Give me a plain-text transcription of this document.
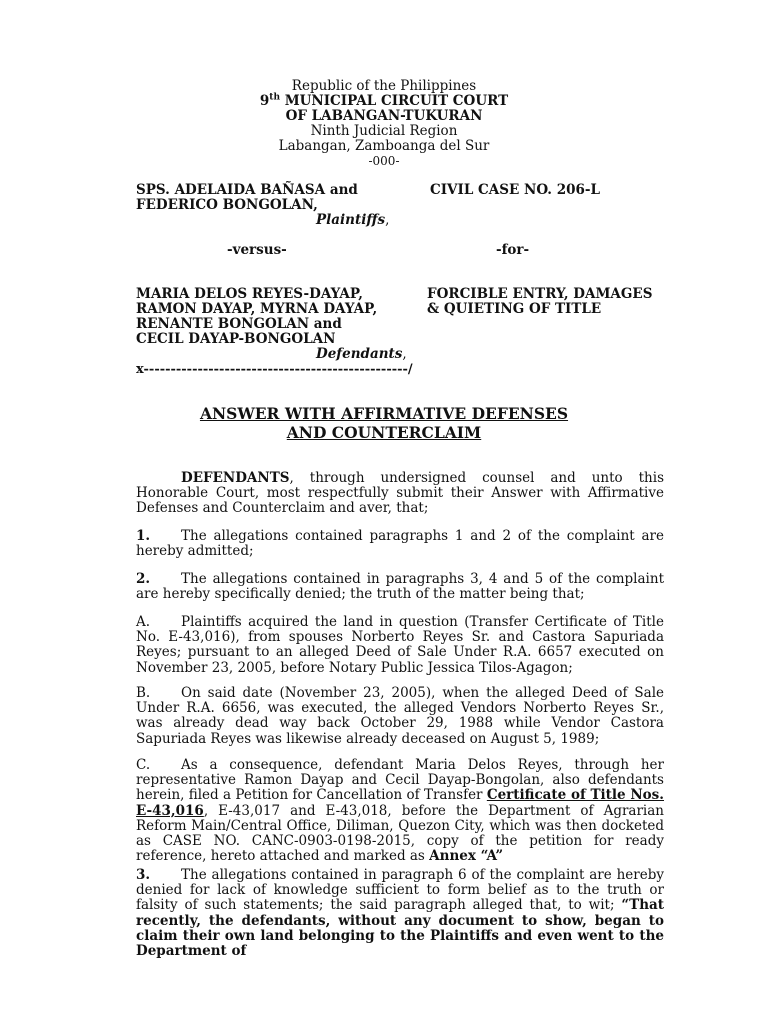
Republic of the Philippines
9th MUNICIPAL CIRCUIT COURT
OF LABANGAN-TUKURAN
Ninth Judicial Region
Labangan, Zamboanga del Sur
-000-
SPS. ADELAIDA BAÑASA and
FEDERICO BONGOLAN,
Plaintiffs,
CIVIL CASE NO. 206-L
-versus-	-for-
MARIA DELOS REYES-DAYAP,
RAMON DAYAP, MYRNA DAYAP,
RENANTE BONGOLAN and
CECIL DAYAP-BONGOLAN
Defendants,
FORCIBLE ENTRY, DAMAGES
& QUIETING OF TITLE
x-------------------------------------------------/
ANSWER WITH AFFIRMATIVE DEFENSES
AND COUNTERCLAIM
DEFENDANTS, through undersigned counsel and unto this Honorable Court, most respectfully submit their Answer with Affirmative Defenses and Counterclaim and aver, that;
1. The allegations contained paragraphs 1 and 2 of the complaint are hereby admitted;
2. The allegations contained in paragraphs 3, 4 and 5 of the complaint are hereby specifically denied; the truth of the matter being that;
A. Plaintiffs acquired the land in question (Transfer Certificate of Title No. E-43,016), from spouses Norberto Reyes Sr. and Castora Sapuriada Reyes; pursuant to an alleged Deed of Sale Under R.A. 6657 executed on November 23, 2005, before Notary Public Jessica Tilos-Agagon;
B. On said date (November 23, 2005), when the alleged Deed of Sale Under R.A. 6656, was executed, the alleged Vendors Norberto Reyes Sr., was already dead way back October 29, 1988 while Vendor Castora Sapuriada Reyes was likewise already deceased on August 5, 1989;
C. As a consequence, defendant Maria Delos Reyes, through her representative Ramon Dayap and Cecil Dayap-Bongolan, also defendants herein, filed a Petition for Cancellation of Transfer Certificate of Title Nos. E-43,016, E-43,017 and E-43,018, before the Department of Agrarian Reform Main/Central Office, Diliman, Quezon City, which was then docketed as CASE NO. CANC-0903-0198-2015, copy of the petition for ready reference, hereto attached and marked as Annex “A”
3. The allegations contained in paragraph 6 of the complaint are hereby denied for lack of knowledge sufficient to form belief as to the truth or falsity of such statements; the said paragraph alleged that, to wit; “That recently, the defendants, without any document to show, began to claim their own land belonging to the Plaintiffs and even went to the Department of
